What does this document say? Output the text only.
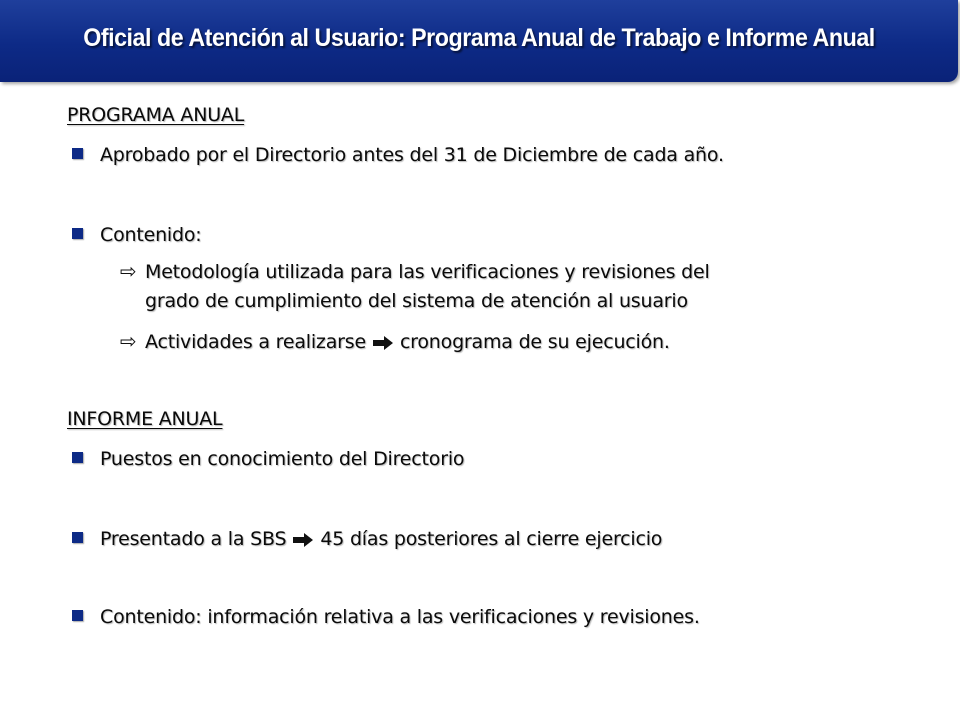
Oficial de Atención al Usuario: Programa Anual de Trabajo e Informe Anual
PROGRAMA ANUAL
Aprobado por el Directorio antes del 31 de Diciembre de cada año.
Contenido:
⇨ Metodología utilizada para las verificaciones y revisiones del
grado de cumplimiento del sistema de atención al usuario
⇨ Actividades a realizarse cronograma de su ejecución.
INFORME ANUAL
Puestos en conocimiento del Directorio
Presentado a la SBS 45 días posteriores al cierre ejercicio
Contenido: información relativa a las verificaciones y revisiones.
